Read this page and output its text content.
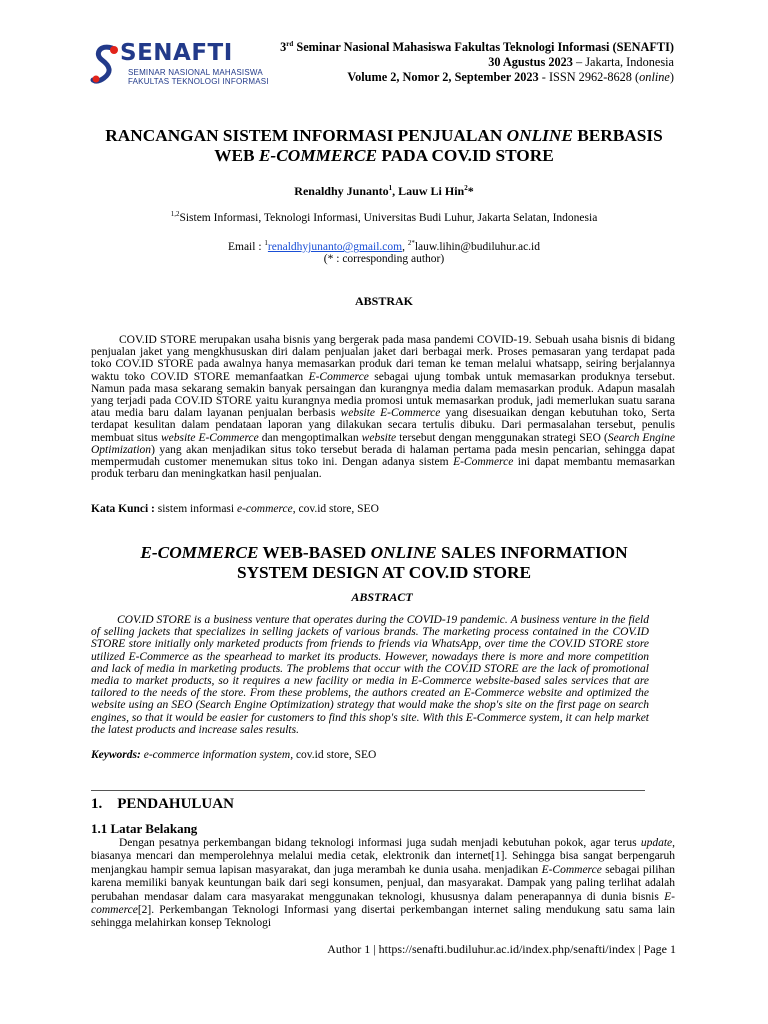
SENAFTI
SEMINAR NASIONAL MAHASISWA
FAKULTAS TEKNOLOGI INFORMASI
3rd Seminar Nasional Mahasiswa Fakultas Teknologi Informasi (SENAFTI)
30 Agustus 2023 – Jakarta, Indonesia
Volume 2, Nomor 2, September 2023 - ISSN 2962-8628 (online)
RANCANGAN SISTEM INFORMASI PENJUALAN ONLINE BERBASIS
WEB E-COMMERCE PADA COV.ID STORE
Renaldhy Junanto$^1$, Lauw Li Hin$^2$*
$^{1,2}$Sistem Informasi, Teknologi Informasi, Universitas Budi Luhur, Jakarta Selatan, Indonesia
Email : $^1$renaldhyjunanto@gmail.com, $^{2*}$lauw.lihin@budiluhur.ac.id
(* : corresponding author)
ABSTRAK

COV.ID STORE merupakan usaha bisnis yang bergerak pada masa pandemi COVID-19. Sebuah usaha bisnis di bidang penjualan jaket yang mengkhususkan diri dalam penjualan jaket dari berbagai merk. Proses pemasaran yang terdapat pada toko COV.ID STORE pada awalnya hanya memasarkan produk dari teman ke teman melalui whatsapp, seiring berjalannya waktu toko COV.ID STORE memanfaatkan E-Commerce sebagai ujung tombak untuk memasarkan produknya tersebut. Namun pada masa sekarang semakin banyak persaingan dan kurangnya media dalam memasarkan produk. Adapun masalah yang terjadi pada COV.ID STORE yaitu kurangnya media promosi untuk memasarkan produk, jadi memerlukan suatu sarana atau media baru dalam layanan penjualan berbasis website E-Commerce yang disesuaikan dengan kebutuhan toko, Serta terdapat kesulitan dalam pendataan laporan yang dilakukan secara tertulis dibuku. Dari permasalahan tersebut, penulis membuat situs website E-Commerce dan mengoptimalkan website tersebut dengan menggunakan strategi SEO (Search Engine Optimization) yang akan menjadikan situs toko tersebut berada di halaman pertama pada mesin pencarian, sehingga dapat mempermudah customer menemukan situs toko ini. Dengan adanya sistem E-Commerce ini dapat membantu memasarkan produk terbaru dan meningkatkan hasil penjualan.

Kata Kunci : sistem informasi e-commerce, cov.id store, SEO
E-COMMERCE WEB-BASED ONLINE SALES INFORMATION
SYSTEM DESIGN AT COV.ID STORE
ABSTRACT

COV.ID STORE is a business venture that operates during the COVID-19 pandemic. A business venture in the field of selling jackets that specializes in selling jackets of various brands. The marketing process contained in the COV.ID STORE store initially only marketed products from friends to friends via WhatsApp, over time the COV.ID STORE store utilized E-Commerce as the spearhead to market its products. However, nowadays there is more and more competition and lack of media in marketing products. The problems that occur with the COV.ID STORE are the lack of promotional media to market products, so it requires a new facility or media in E-Commerce website-based sales services that are tailored to the needs of the store. From these problems, the authors created an E-Commerce website and optimized the website using an SEO (Search Engine Optimization) strategy that would make the shop's site on the first page on search engines, so that it would be easier for customers to find this shop's site. With this E-Commerce system, it can help market the latest products and increase sales results.

Keywords: e-commerce information system, cov.id store, SEO
1.    PENDAHULUAN
1.1 Latar Belakang

Dengan pesatnya perkembangan bidang teknologi informasi juga sudah menjadi kebutuhan pokok, agar terus update, biasanya mencari dan memperolehnya melalui media cetak, elektronik dan internet[1]. Sehingga bisa sangat berpengaruh menjangkau hampir semua lapisan masyarakat, dan juga merambah ke dunia usaha. menjadikan E-Commerce sebagai pilihan karena memiliki banyak keuntungan baik dari segi konsumen, penjual, dan masyarakat. Dampak yang paling terlihat adalah perubahan mendasar dalam cara masyarakat menggunakan teknologi, khususnya dalam penerapannya di dunia bisnis E-commerce[2]. Perkembangan Teknologi Informasi yang disertai perkembangan internet saling mendukung satu sama lain sehingga melahirkan konsep Teknologi

Author 1 | https://senafti.budiluhur.ac.id/index.php/senafti/index | Page 1
